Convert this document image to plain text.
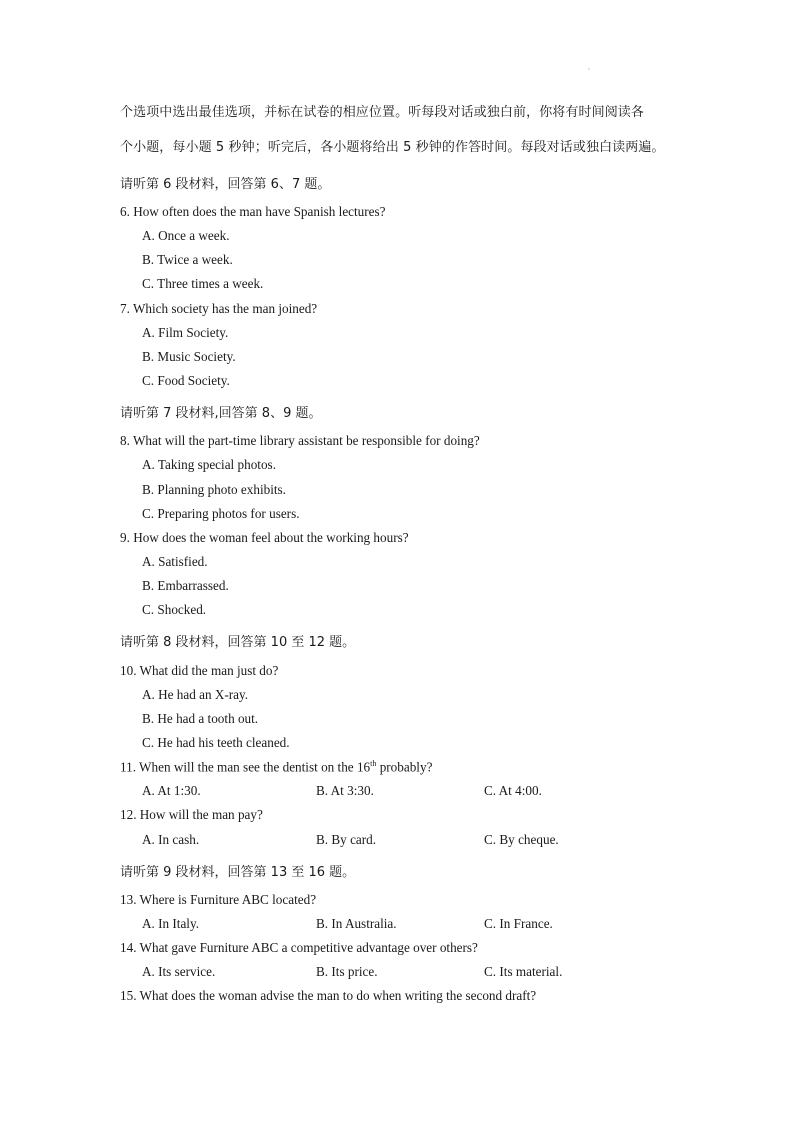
,
个选项中选出最佳选项，并标在试卷的相应位置。听每段对话或独白前，你将有时间阅读各
个小题，每小题 5 秒钟；听完后，各小题将给出 5 秒钟的作答时间。每段对话或独白读两遍。
请听第 6 段材料，回答第 6、7 题。
6. How often does the man have Spanish lectures?
A. Once a week.
B. Twice a week.
C. Three times a week.
7. Which society has the man joined?
A. Film Society.
B. Music Society.
C. Food Society.
请听第 7 段材料,回答第 8、9 题。
8. What will the part-time library assistant be responsible for doing?
A. Taking special photos.
B. Planning photo exhibits.
C. Preparing photos for users.
9. How does the woman feel about the working hours?
A. Satisfied.
B. Embarrassed.
C. Shocked.
请听第 8 段材料，回答第 10 至 12 题。
10. What did the man just do?
A. He had an X-ray.
B. He had a tooth out.
C. He had his teeth cleaned.
11. When will the man see the dentist on the 16th probably?
A. At 1:30.	B. At 3:30.	C. At 4:00.
12. How will the man pay?
A. In cash.	B. By card.	C. By cheque.
请听第 9 段材料，回答第 13 至 16 题。
13. Where is Furniture ABC located?
A. In Italy.	B. In Australia.	C. In France.
14. What gave Furniture ABC a competitive advantage over others?
A. Its service.	B. Its price.	C. Its material.
15. What does the woman advise the man to do when writing the second draft?
